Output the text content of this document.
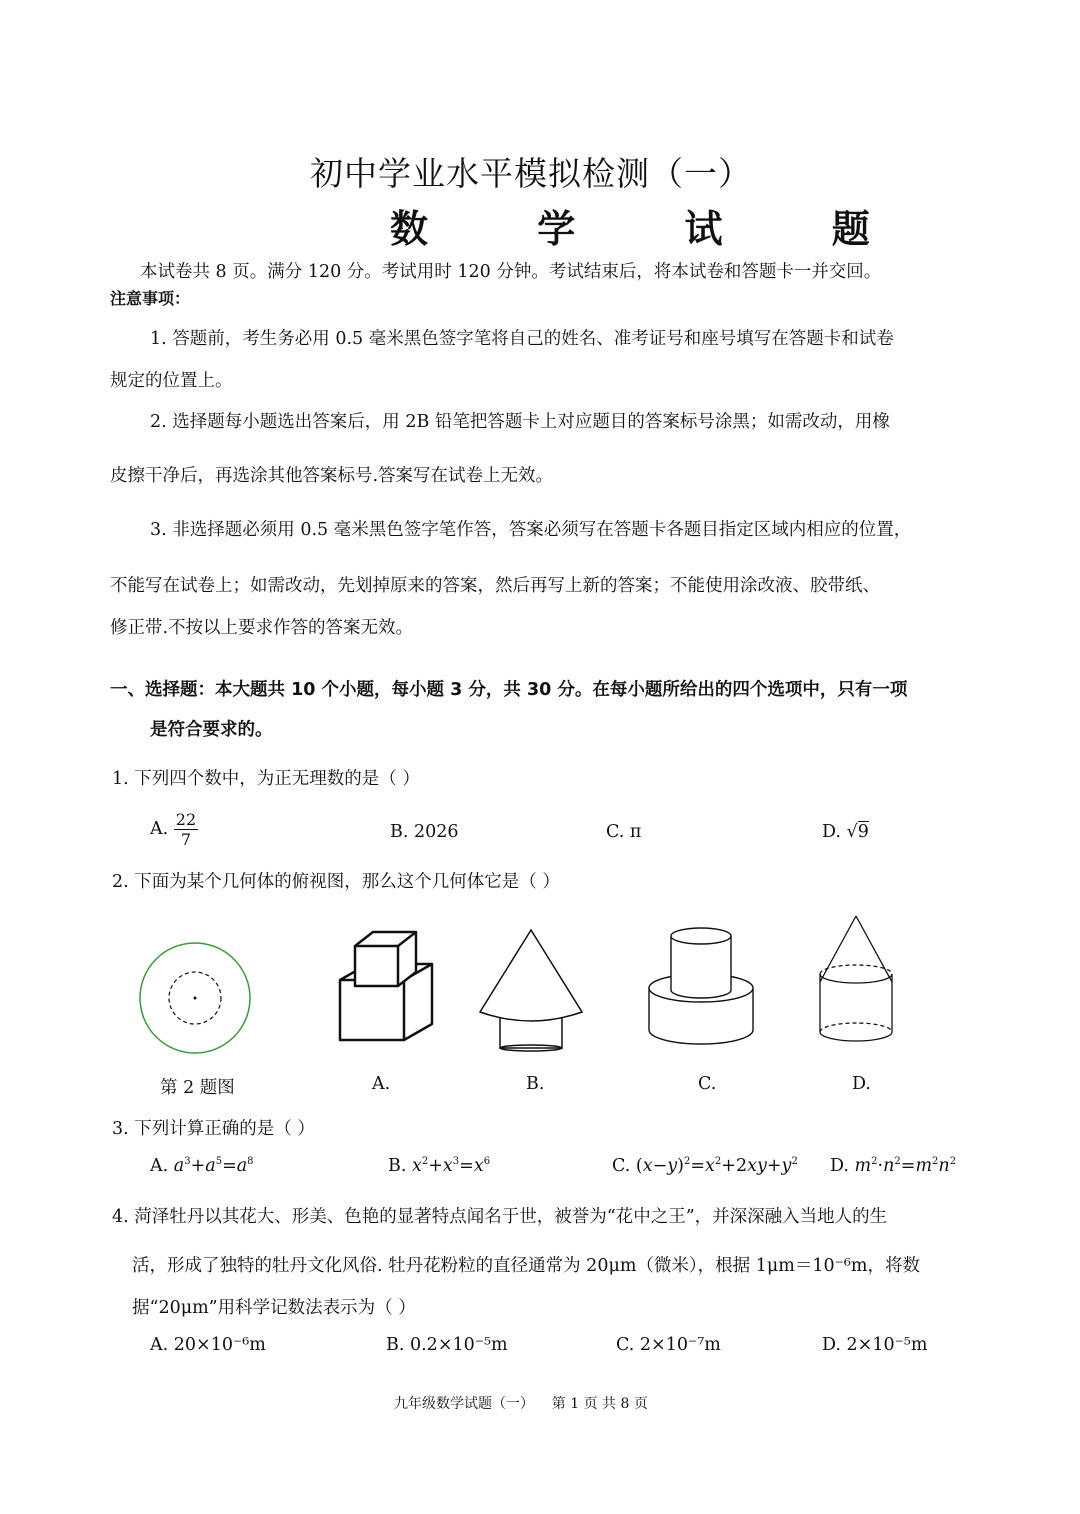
初中学业水平模拟检测（一）
数 学 试 题
本试卷共 8 页。满分 120 分。考试用时 120 分钟。考试结束后，将本试卷和答题卡一并交回。
注意事项：
1. 答题前，考生务必用 0.5 毫米黑色签字笔将自己的姓名、准考证号和座号填写在答题卡和试卷
规定的位置上。
2. 选择题每小题选出答案后，用 2B 铅笔把答题卡上对应题目的答案标号涂黑；如需改动，用橡
皮擦干净后，再选涂其他答案标号.答案写在试卷上无效。
3. 非选择题必须用 0.5 毫米黑色签字笔作答，答案必须写在答题卡各题目指定区域内相应的位置，
不能写在试卷上；如需改动，先划掉原来的答案，然后再写上新的答案；不能使用涂改液、胶带纸、
修正带.不按以上要求作答的答案无效。
一、选择题：本大题共 10 个小题，每小题 3 分，共 30 分。在每小题所给出的四个选项中，只有一项
是符合要求的。
1. 下列四个数中，为正无理数的是（ ）
A. $\frac{22}{7}$	B. 2026	C. π	D. √9
2. 下面为某个几何体的俯视图，那么这个几何体它是（ ）
第 2 题图	A.	B.	C.	D.
3. 下列计算正确的是（ ）
A. $a^3+a^5=a^8$	B. $x^2+x^3=x^6$	C. $(x-y)^2=x^2+2xy+y^2$ D. $m^2\cdot n^2=m^2n^2$
4. 菏泽牡丹以其花大、形美、色艳的显著特点闻名于世，被誉为“花中之王”，并深深融入当地人的生
活，形成了独特的牡丹文化风俗. 牡丹花粉粒的直径通常为 20μm（微米），根据 1μm＝10⁻⁶m，将数
据“20μm”用科学记数法表示为（ ）
A. 20×10⁻⁶m	B. 0.2×10⁻⁵m	C. 2×10⁻⁷m	D. 2×10⁻⁵m
九年级数学试题（一）    第 1 页 共 8 页
